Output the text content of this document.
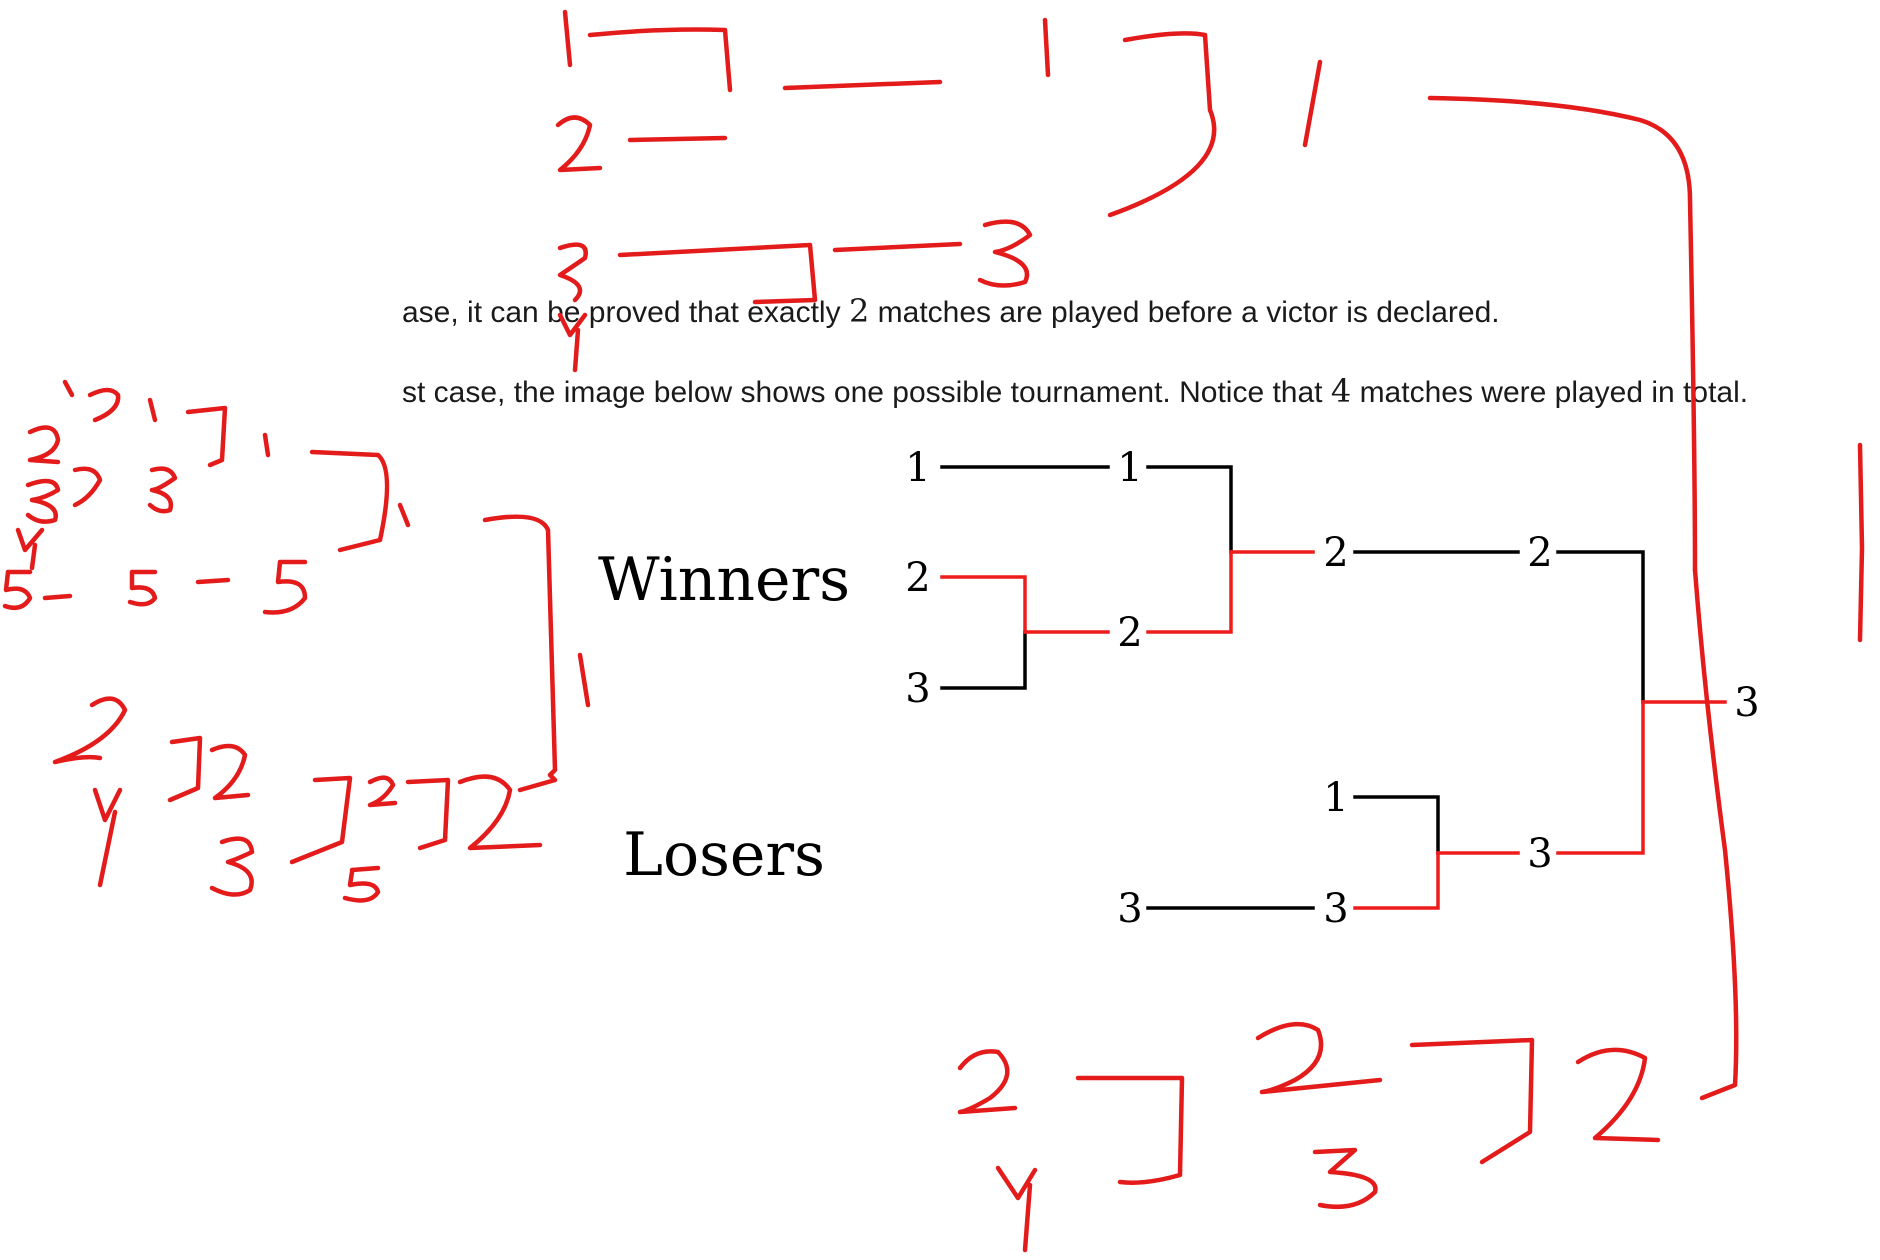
ase, it can be proved that exactly 2 matches are played before a victor is declared.

st case, the image below shows one possible tournament. Notice that 4 matches were played in total.

Winners
Losers
1
2
3
1
2
2	2
1
3	3
3
3
